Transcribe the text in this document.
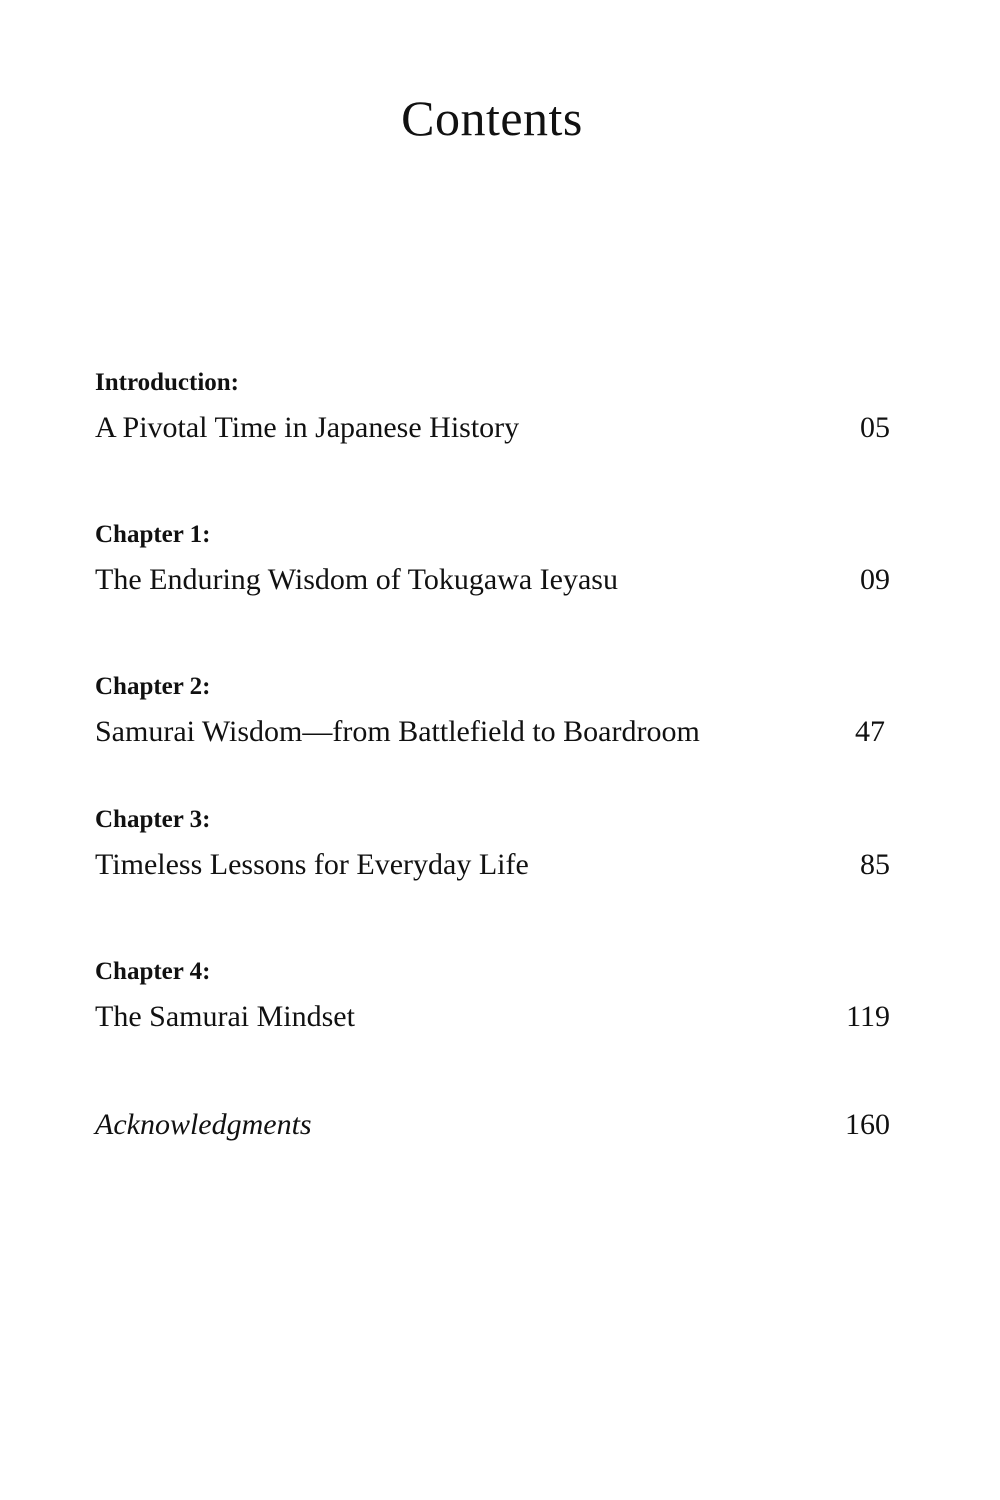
Contents
Introduction:
A Pivotal Time in Japanese History	05
Chapter 1:
The Enduring Wisdom of Tokugawa Ieyasu	09
Chapter 2:
Samurai Wisdom—from Battlefield to Boardroom	47
Chapter 3:
Timeless Lessons for Everyday Life	85
Chapter 4:
The Samurai Mindset	119
Acknowledgments	160
